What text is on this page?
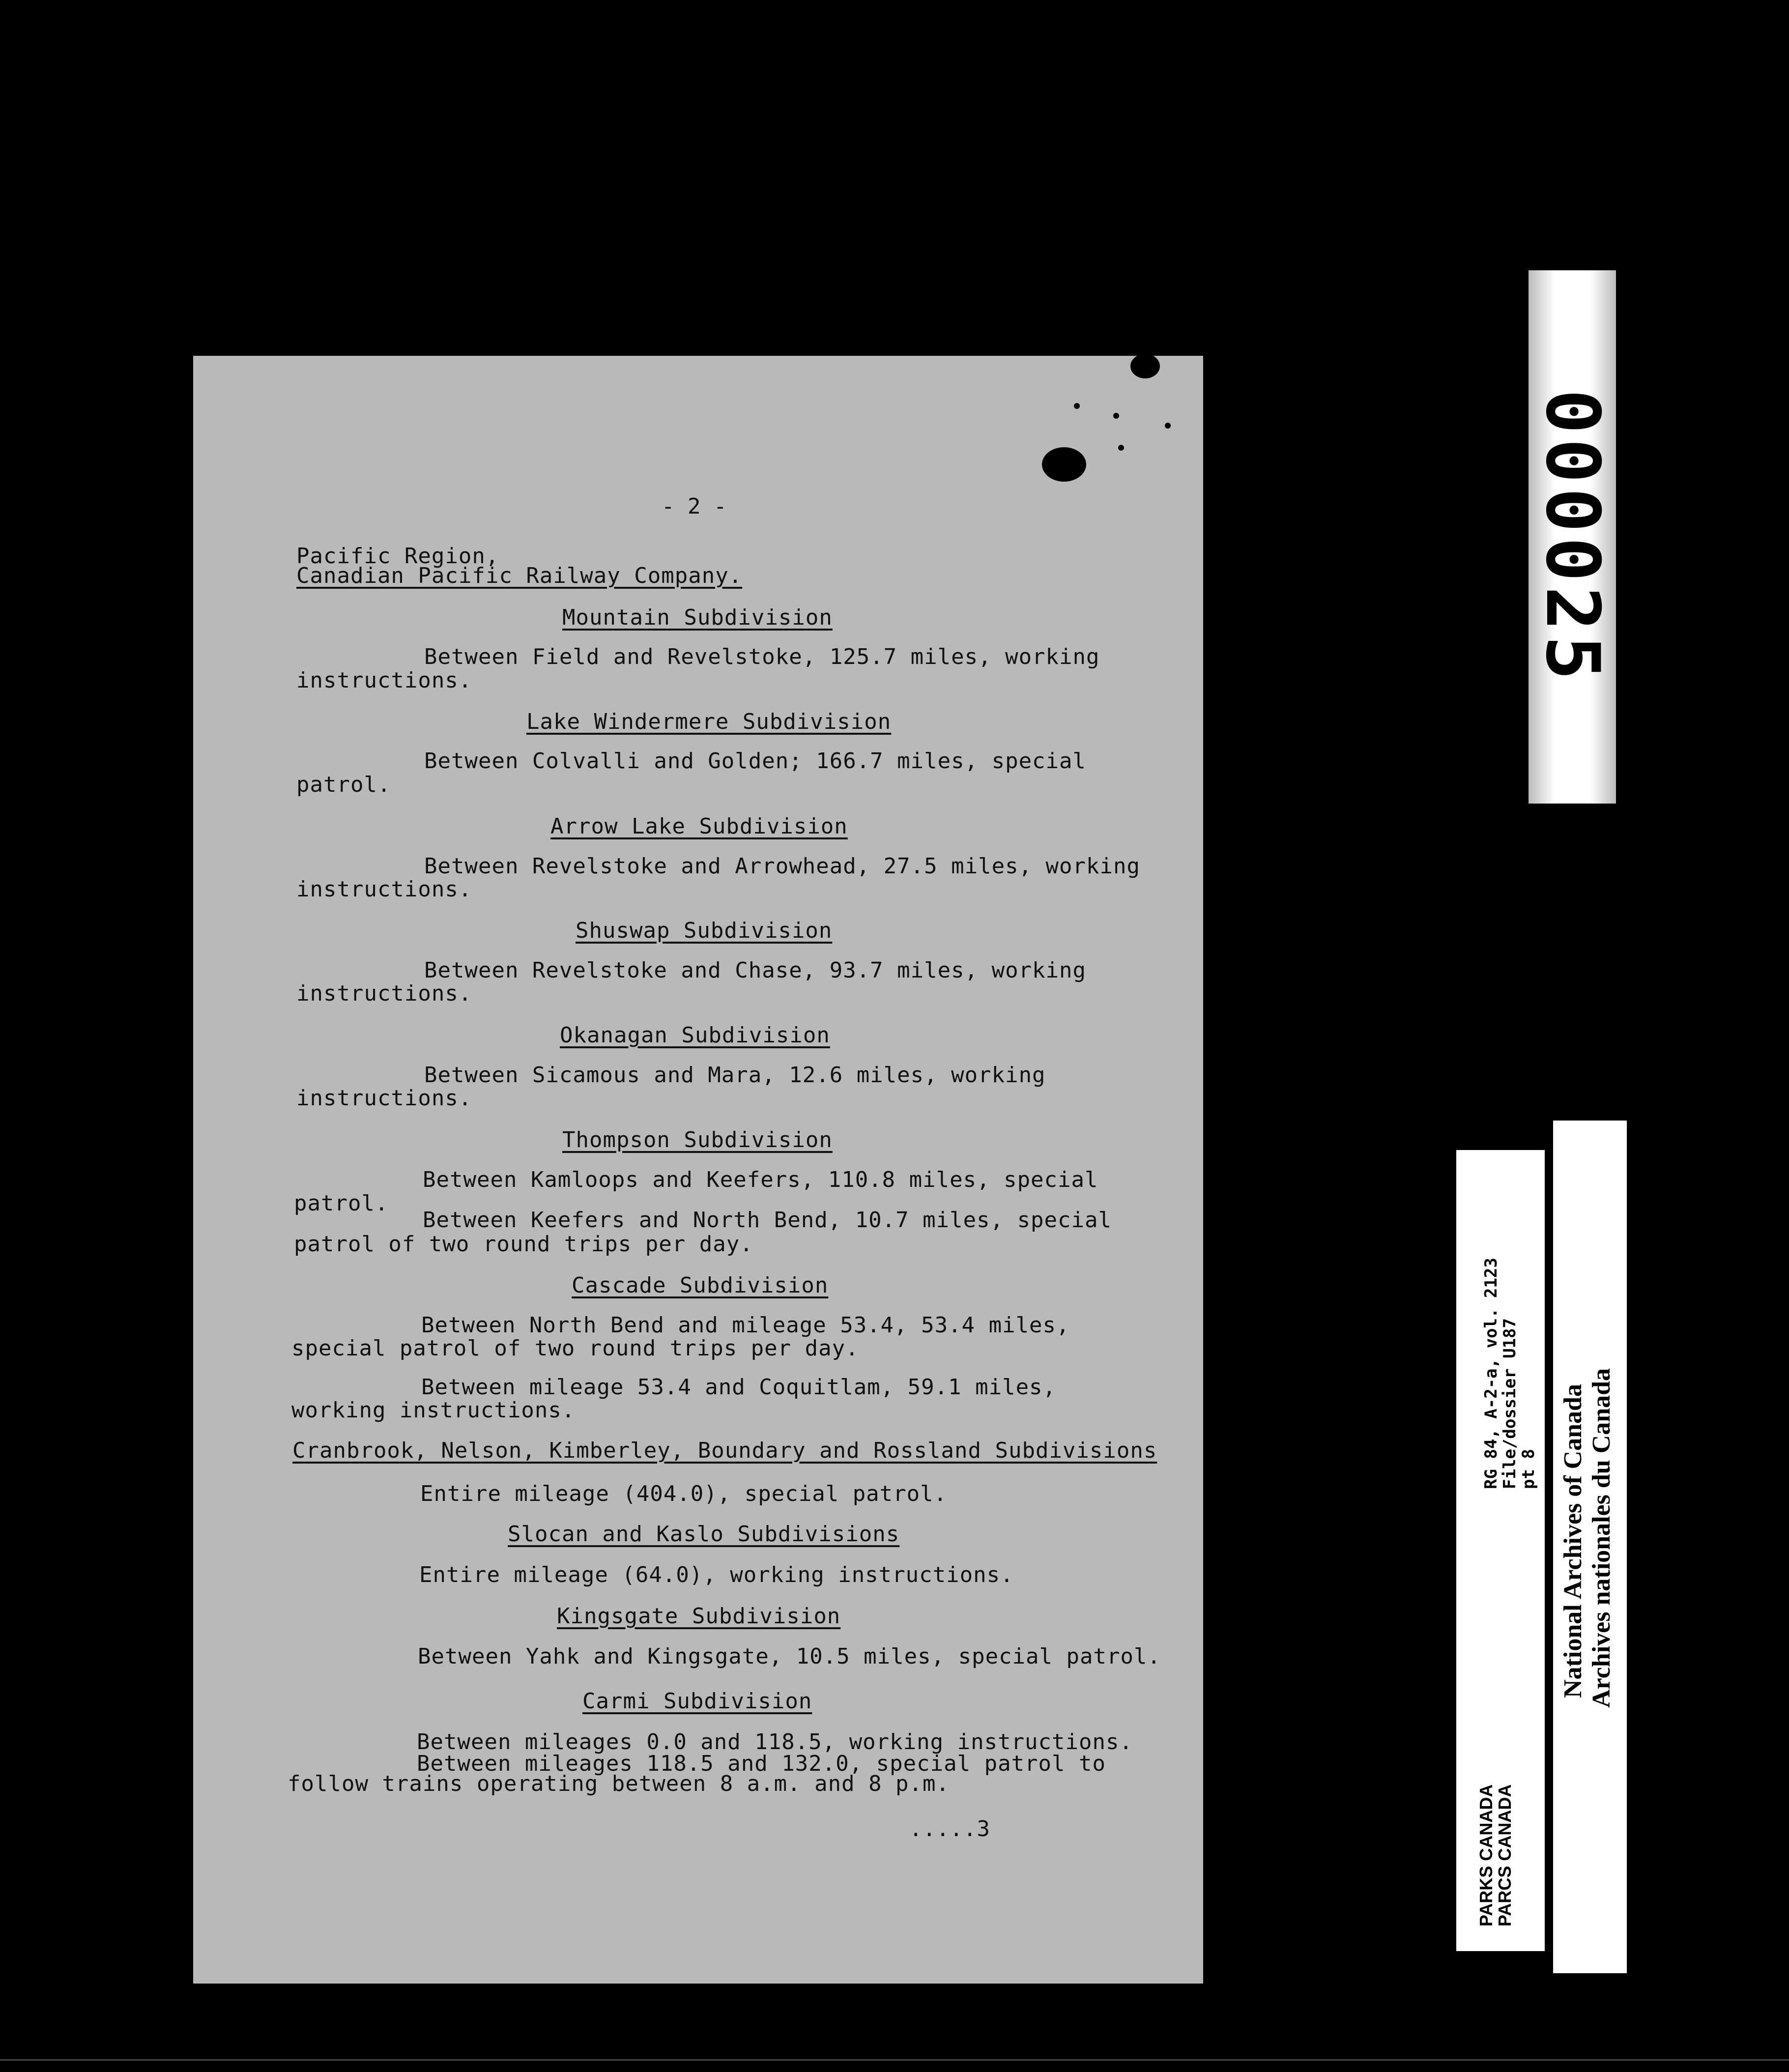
- 2 -
Pacific Region,
Canadian Pacific Railway Company.
Mountain Subdivision
Between Field and Revelstoke, 125.7 miles, working
instructions.
Lake Windermere Subdivision
Between Colvalli and Golden; 166.7 miles, special
patrol.
Arrow Lake Subdivision
Between Revelstoke and Arrowhead, 27.5 miles, working
instructions.
Shuswap Subdivision
Between Revelstoke and Chase, 93.7 miles, working
instructions.
Okanagan Subdivision
Between Sicamous and Mara, 12.6 miles, working
instructions.
Thompson Subdivision
Between Kamloops and Keefers, 110.8 miles, special
patrol.
Between Keefers and North Bend, 10.7 miles, special
patrol of two round trips per day.
Cascade Subdivision
Between North Bend and mileage 53.4, 53.4 miles,
special patrol of two round trips per day.
Between mileage 53.4 and Coquitlam, 59.1 miles,
working instructions.
Cranbrook, Nelson, Kimberley, Boundary and Rossland Subdivisions
Entire mileage (404.0), special patrol.
Slocan and Kaslo Subdivisions
Entire mileage (64.0), working instructions.
Kingsgate Subdivision
Between Yahk and Kingsgate, 10.5 miles, special patrol.
Carmi Subdivision
Between mileages 0.0 and 118.5, working instructions.
Between mileages 118.5 and 132.0, special patrol to
follow trains operating between 8 a.m. and 8 p.m.
.....3
000025
RG 84, A-2-a, vol. 2123
File/dossier U187
pt 8
PARKS CANADA
PARCS CANADA
National Archives of Canada Archives nationales du Canada
